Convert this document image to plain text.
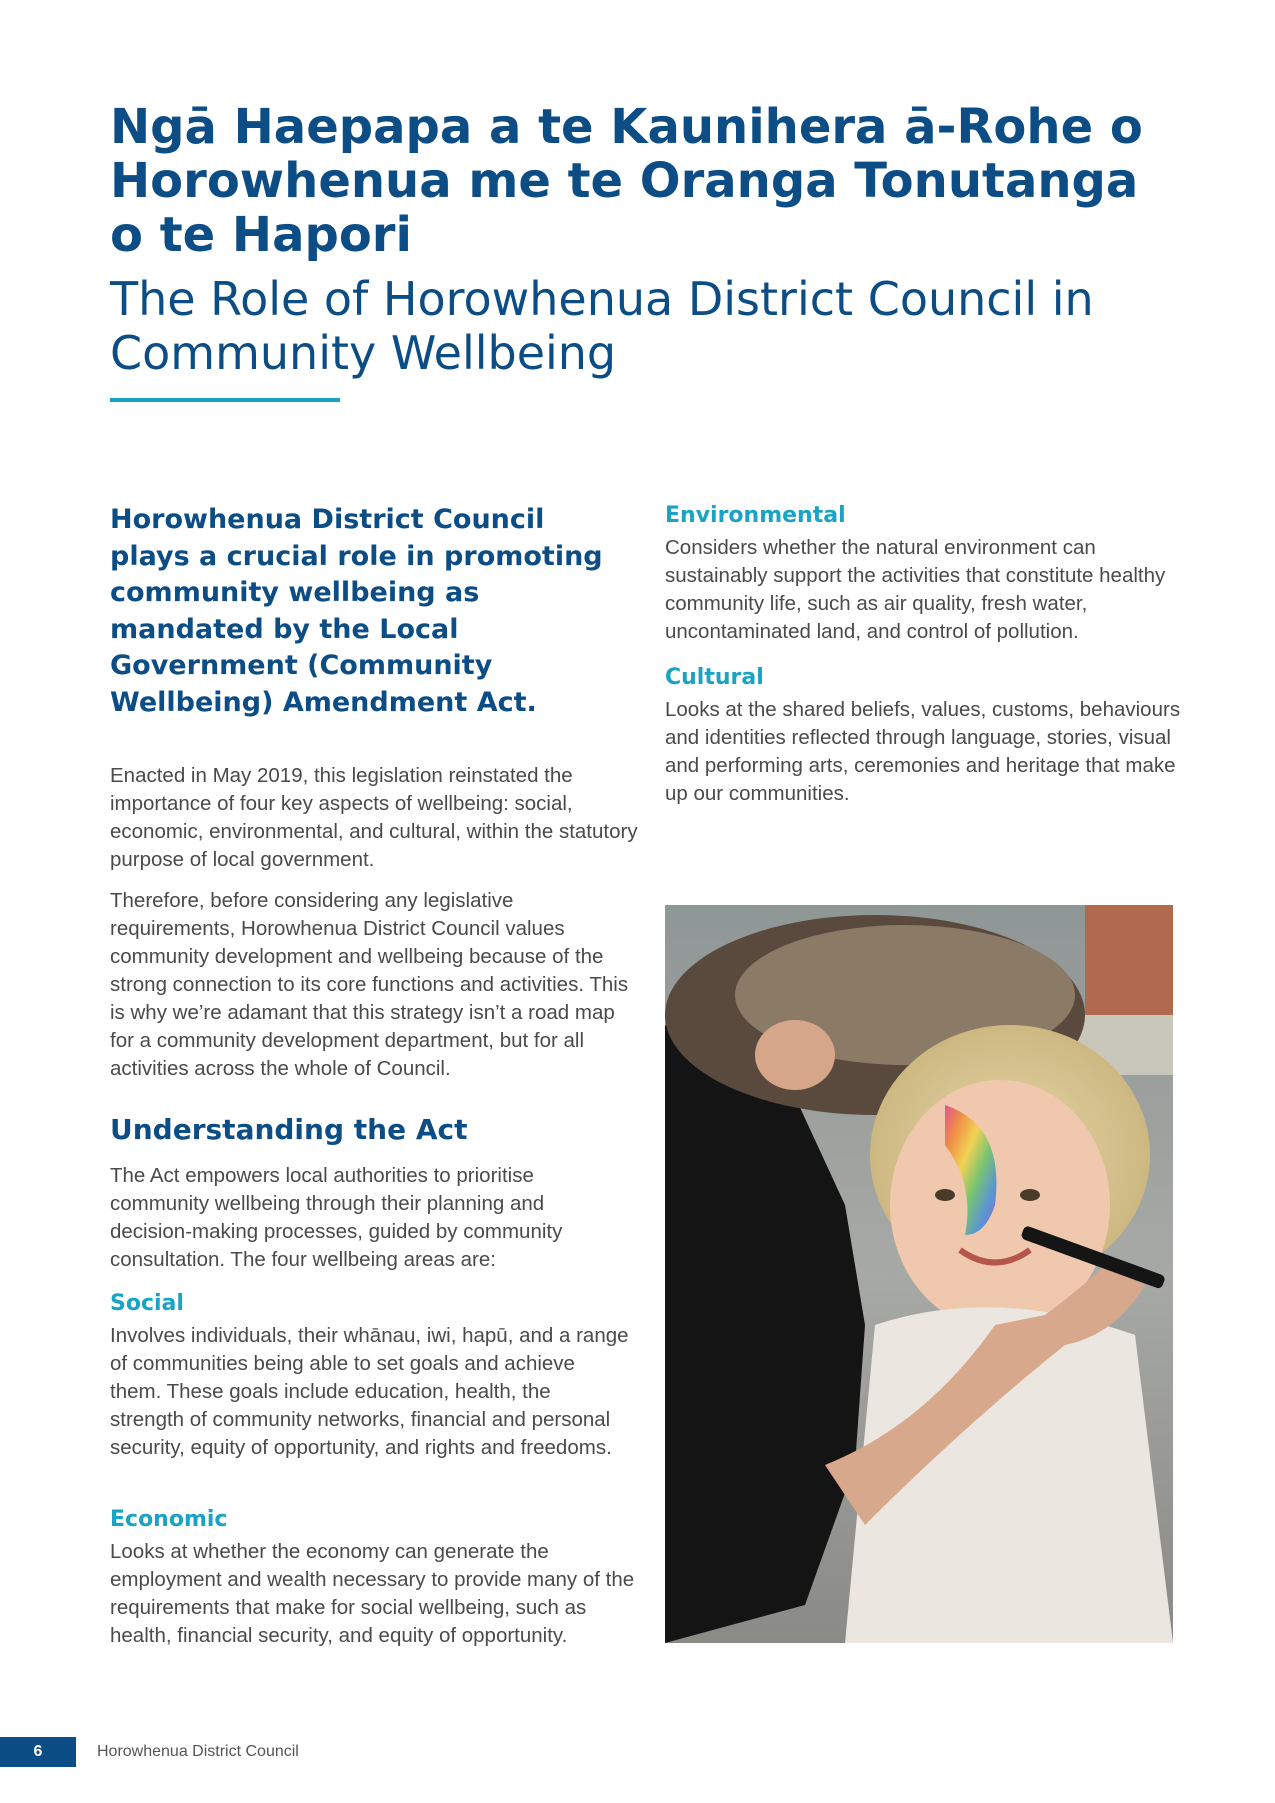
Ngā Haepapa a te Kaunihera ā-Rohe o Horowhenua me te Oranga Tonutanga o te Hapori
The Role of Horowhenua District Council in Community Wellbeing

Horowhenua District Council plays a crucial role in promoting community wellbeing as mandated by the Local Government (Community Wellbeing) Amendment Act.

Enacted in May 2019, this legislation reinstated the importance of four key aspects of wellbeing: social, economic, environmental, and cultural, within the statutory purpose of local government.

Therefore, before considering any legislative requirements, Horowhenua District Council values community development and wellbeing because of the strong connection to its core functions and activities. This is why we’re adamant that this strategy isn’t a road map for a community development department, but for all activities across the whole of Council.

Understanding the Act

The Act empowers local authorities to prioritise community wellbeing through their planning and decision-making processes, guided by community consultation. The four wellbeing areas are:

Social

Involves individuals, their whānau, iwi, hapū, and a range of communities being able to set goals and achieve them. These goals include education, health, the strength of community networks, financial and personal security, equity of opportunity, and rights and freedoms.

Economic

Looks at whether the economy can generate the employment and wealth necessary to provide many of the requirements that make for social wellbeing, such as health, financial security, and equity of opportunity.

Environmental

Considers whether the natural environment can sustainably support the activities that constitute healthy community life, such as air quality, fresh water, uncontaminated land, and control of pollution.

Cultural

Looks at the shared beliefs, values, customs, behaviours and identities reflected through language, stories, visual and performing arts, ceremonies and heritage that make up our communities.

6	Horowhenua District Council
